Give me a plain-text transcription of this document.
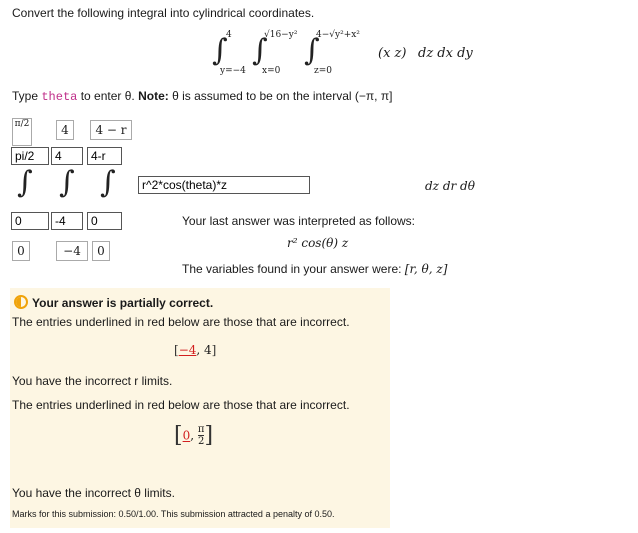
Convert the following integral into cylindrical coordinates.
∫
4
y=−4
∫
√16−y²
x=0
∫
4−√y²+x²
z=0
(x z) dz dx dy
Type theta to enter θ. Note: θ is assumed to be on the interval (−π, π]
π/2	4	4 − r
pi/2
4
4-r
∫ ∫ ∫
r^2*cos(theta)*z	dz dr dθ
0
-4
0
0	−4	0
Your last answer was interpreted as follows:
r² cos(θ) z
The variables found in your answer were: [r, θ, z]
Your answer is partially correct.
The entries underlined in red below are those that are incorrect.
[−4, 4]
You have the incorrect r limits.
The entries underlined in red below are those that are incorrect.
[0, $\frac{\pi}{2}$ ]
You have the incorrect θ limits.
Marks for this submission: 0.50/1.00. This submission attracted a penalty of 0.50.
